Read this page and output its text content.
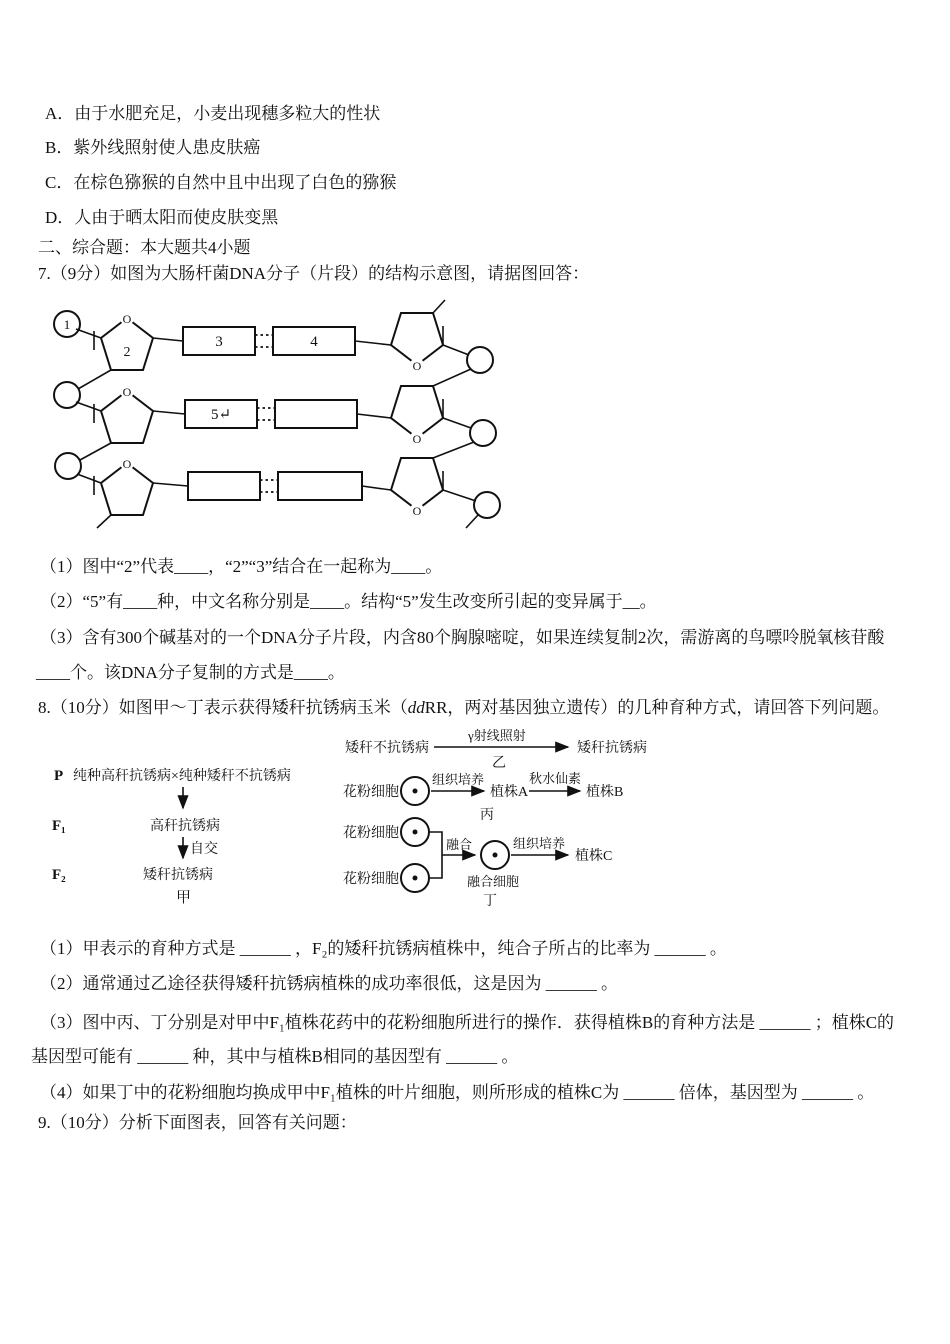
A．由于水肥充足，小麦出现穗多粒大的性状
B．紫外线照射使人患皮肤癌
C．在棕色猕猴的自然中且中出现了白色的猕猴
D．人由于晒太阳而使皮肤变黑
二、综合题：本大题共4小题
7.（9分）如图为大肠杆菌DNA分子（片段）的结构示意图，请据图回答：
1	O
2
3	4
O
O
5↵
O
O
O
（1）图中“2”代表____，“2”“3”结合在一起称为____。
（2）“5”有____种，中文名称分别是____。结构“5”发生改变所引起的变异属于__。
（3）含有300个碱基对的一个DNA分子片段，内含80个胸腺嘧啶，如果连续复制2次，需游离的鸟嘌呤脱氧核苷酸
____个。该DNA分子复制的方式是____。
8.（10分）如图甲〜丁表示获得矮秆抗锈病玉米（ddRR，两对基因独立遗传）的几种育种方式，请回答下列问题。
P 纯种高秆抗锈病×纯种矮秆不抗锈病
F₁	高秆抗锈病
自交
F₂	矮秆抗锈病
甲
矮秆不抗锈病
γ射线照射
乙
矮秆抗锈病
花粉细胞
组织培养
植株A
丙
秋水仙素
植株B
花粉细胞
花粉细胞
融合
融合细胞
丁
组织培养
植株C
（1）甲表示的育种方式是 ______ ，F₂的矮秆抗锈病植株中，纯合子所占的比率为 ______ 。
（2）通常通过乙途径获得矮秆抗锈病植株的成功率很低，这是因为 ______ 。
（3）图中丙、丁分别是对甲中F₁植株花药中的花粉细胞所进行的操作．获得植株B的育种方法是 ______ ；植株C的
基因型可能有 ______ 种，其中与植株B相同的基因型有 ______ 。
（4）如果丁中的花粉细胞均换成甲中F₁植株的叶片细胞，则所形成的植株C为 ______ 倍体，基因型为 ______ 。
9.（10分）分析下面图表，回答有关问题：
